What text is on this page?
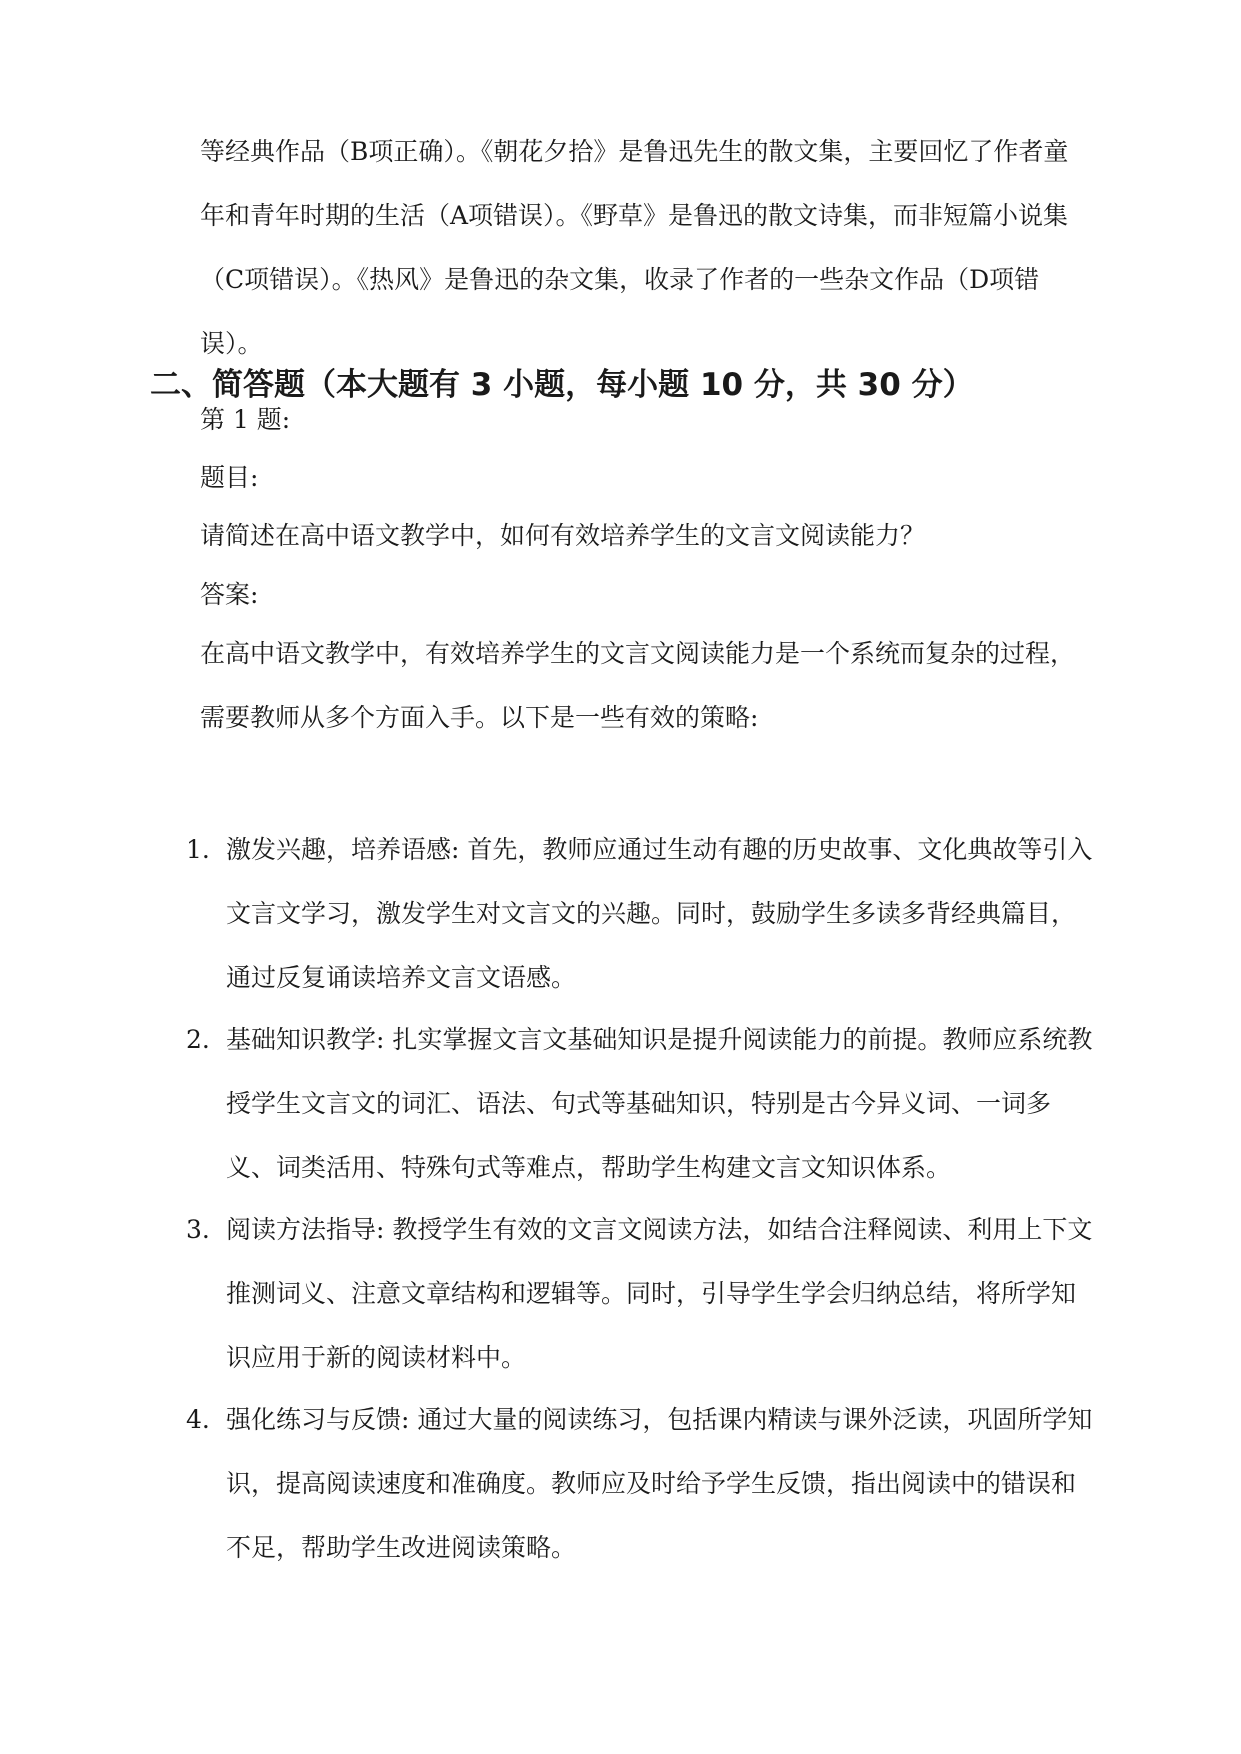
等经典作品（B项正确）。《朝花夕拾》是鲁迅先生的散文集，主要回忆了作者童年和青年时期的生活（A项错误）。《野草》是鲁迅的散文诗集，而非短篇小说集（C项错误）。《热风》是鲁迅的杂文集，收录了作者的一些杂文作品（D项错误）。

二、简答题（本大题有 3 小题，每小题 10 分，共 30 分）

第 1 题:

题目:

请简述在高中语文教学中，如何有效培养学生的文言文阅读能力？

答案:

在高中语文教学中，有效培养学生的文言文阅读能力是一个系统而复杂的过程，需要教师从多个方面入手。以下是一些有效的策略:

1. 激发兴趣，培养语感: 首先，教师应通过生动有趣的历史故事、文化典故等引入文言文学习，激发学生对文言文的兴趣。同时，鼓励学生多读多背经典篇目，通过反复诵读培养文言文语感。
2. 基础知识教学: 扎实掌握文言文基础知识是提升阅读能力的前提。教师应系统教授学生文言文的词汇、语法、句式等基础知识，特别是古今异义词、一词多义、词类活用、特殊句式等难点，帮助学生构建文言文知识体系。
3. 阅读方法指导: 教授学生有效的文言文阅读方法，如结合注释阅读、利用上下文推测词义、注意文章结构和逻辑等。同时，引导学生学会归纳总结，将所学知识应用于新的阅读材料中。
4. 强化练习与反馈: 通过大量的阅读练习，包括课内精读与课外泛读，巩固所学知识，提高阅读速度和准确度。教师应及时给予学生反馈，指出阅读中的错误和不足，帮助学生改进阅读策略。
